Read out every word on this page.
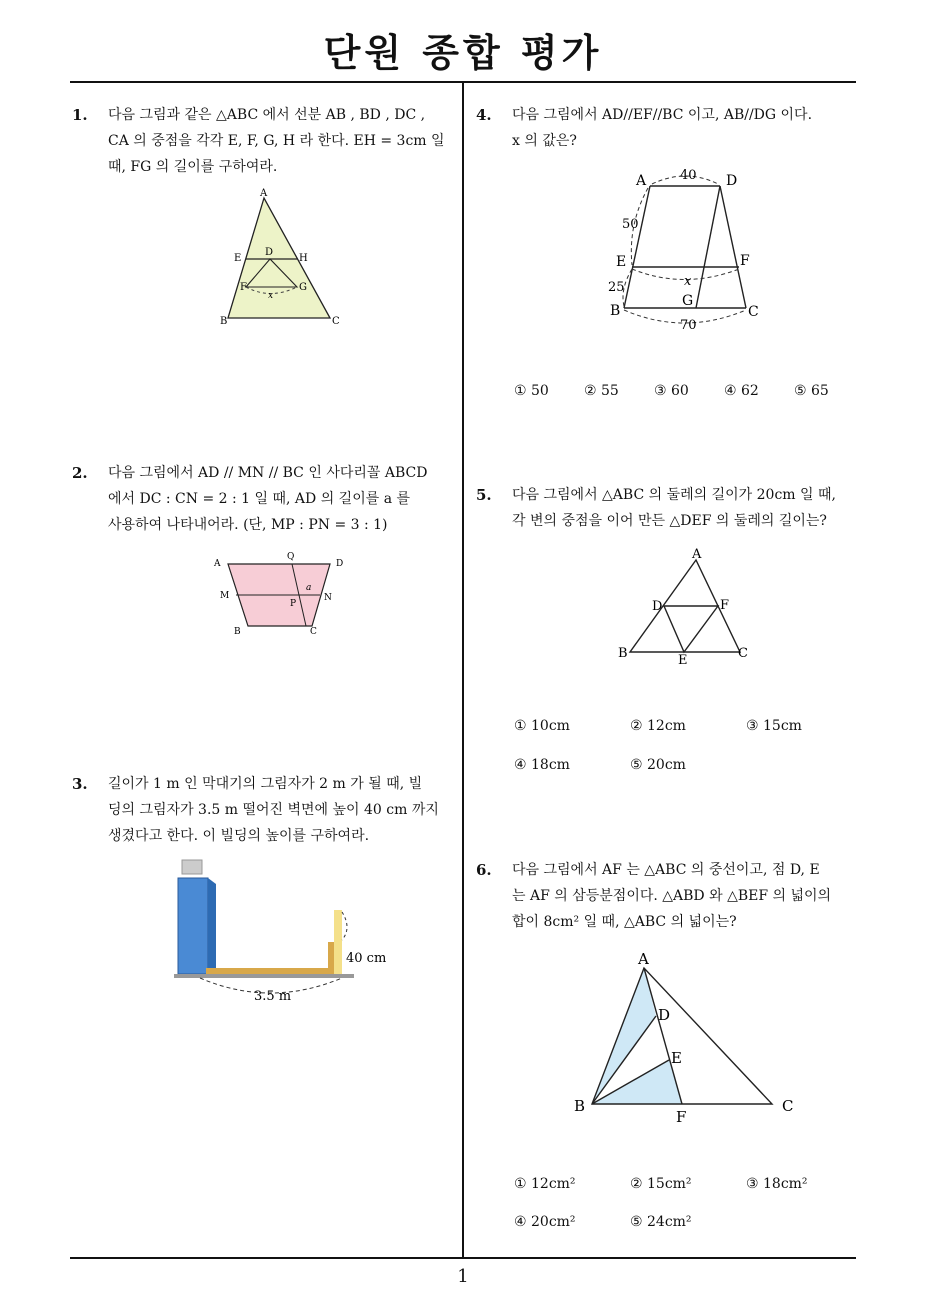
단원 종합 평가
1
1. 다음 그림과 같은 △ABC 에서 선분 AB , BD , DC ,
CA 의 중점을 각각 E, F, G, H 라 한다. EH = 3cm 일
때, FG 의 길이를 구하여라.
A
B	C
D
E
F	G
H
x
2. 다음 그림에서 AD // MN // BC 인 사다리꼴 ABCD
에서 DC : CN = 2 : 1 일 때, AD 의 길이를 a 를
사용하여 나타내어라. (단, MP : PN = 3 : 1)
A
Q
D
M
P
a
N
B	C
3. 길이가 1 m 인 막대기의 그림자가 2 m 가 될 때, 빌
딩의 그림자가 3.5 m 떨어진 벽면에 높이 40 cm 까지
생겼다고 한다. 이 빌딩의 높이를 구하여라.
40 cm
3.5 m
4. 다음 그림에서 AD//EF//BC 이고, AB//DG 이다.
x 의 값은?
A	40 D
50
E	F
x
25
B
G
C
70
① 50	② 55	③ 60	④ 62	⑤ 65
5. 다음 그림에서 △ABC 의 둘레의 길이가 20cm 일 때,
각 변의 중점을 이어 만든 △DEF 의 둘레의 길이는?
A
D	F
B	E	C
① 10cm	② 12cm	③ 15cm
④ 18cm	⑤ 20cm
6. 다음 그림에서 AF 는 △ABC 의 중선이고, 점 D, E
는 AF 의 삼등분점이다. △ABD 와 △BEF 의 넓이의
합이 8cm² 일 때, △ABC 의 넓이는?
A
D
E
B
F
C
① 12cm²	② 15cm²	③ 18cm²
④ 20cm²	⑤ 24cm²
